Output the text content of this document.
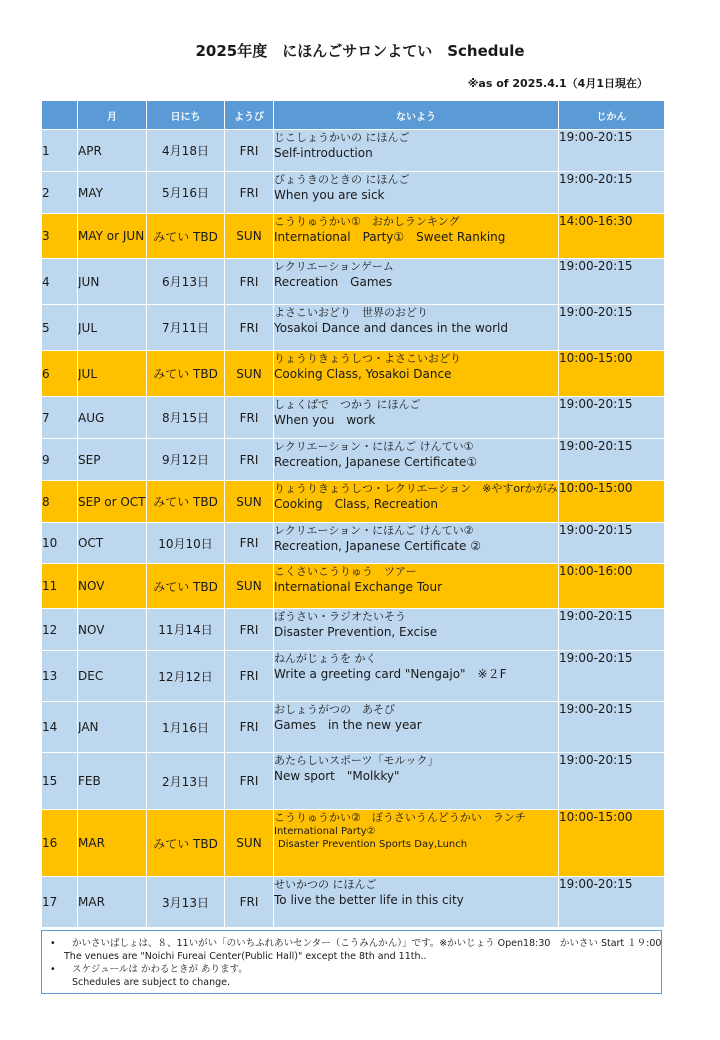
2025年度　にほんごサロンよてい　Schedule
※as of 2025.4.1（4月1日現在）
	月	日にち	ようび	ないよう	じかん
1	APR	4月18日	FRI	じこしょうかいの にほんご
Self-introduction	19:00-20:15
2	MAY	5月16日	FRI	びょうきのときの にほんご
When you are sick	19:00-20:15
3	MAY or JUN	みてい TBD	SUN	こうりゅうかい①　おかしランキング
International　Party①　Sweet Ranking	14:00-16:30
4	JUN	6月13日	FRI	レクリエーションゲーム
Recreation　Games	19:00-20:15
5	JUL	7月11日	FRI	よさこいおどり　世界のおどり
Yosakoi Dance and dances in the world	19:00-20:15
6	JUL	みてい TBD	SUN	りょうりきょうしつ・よさこいおどり
Cooking Class, Yosakoi Dance	10:00-15:00
7	AUG	8月15日	FRI	しょくばで　つかう にほんご
When you　work	19:00-20:15
9	SEP	9月12日	FRI	レクリエーション・にほんご けんてい①
Recreation, Japanese Certificate①	19:00-20:15
8	SEP or OCT	みてい TBD	SUN	りょうりきょうしつ・レクリエーション　※やすorかがみ
Cooking　Class, Recreation	10:00-15:00
10	OCT	10月10日	FRI	レクリエーション・にほんご けんてい②
Recreation, Japanese Certificate ②	19:00-20:15
11	NOV	みてい TBD	SUN	こくさいこうりゅう　ツアー
International Exchange Tour	10:00-16:00
12	NOV	11月14日	FRI	ぼうさい・ラジオたいそう
Disaster Prevention, Excise	19:00-20:15
13	DEC	12月12日	FRI	ねんがじょうを かく
Write a greeting card "Nengajo"　※２F	19:00-20:15
14	JAN	1月16日	FRI	おしょうがつの　あそび
Games　in the new year	19:00-20:15
15	FEB	2月13日	FRI	あたらしいスポーツ「モルック」
New sport　"Molkky"	19:00-20:15
16	MAR	みてい TBD	SUN	こうりゅうかい②　ぼうさいうんどうかい　ランチ
International Party②
Disaster Prevention Sports Day,Lunch	10:00-15:00
17	MAR	3月13日	FRI	せいかつの にほんご
To live the better life in this city	19:00-20:15
• かいさいばしょは、８、11いがい「のいちふれあいセンター（こうみんかん）」です。※かいじょう Open18:30　かいさい Start １９:00
The venues are "Noichi Fureai Center(Public Hall)" except the 8th and 11th..
• スケジュールは かわるときが あります。
Schedules are subject to change.
